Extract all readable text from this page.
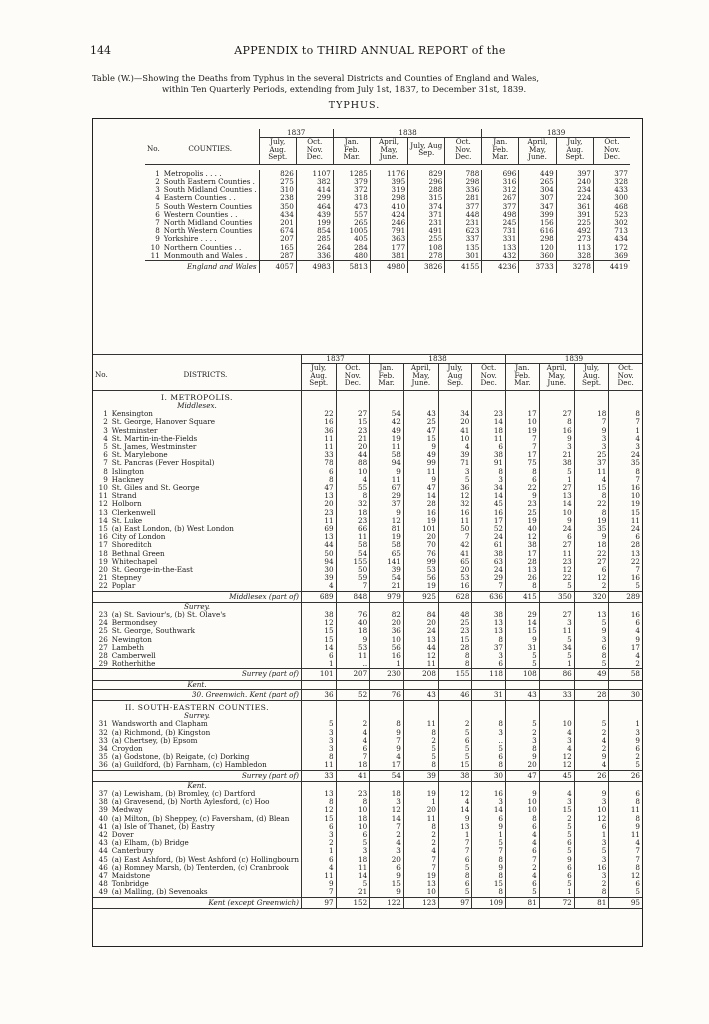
144	APPENDIX to THIRD ANNUAL REPORT of the
Table (W.)—Showing the Deaths from Typhus in the several Districts and Counties of England and Wales,
within Ten Quarterly Periods, extending from July 1st, 1837, to December 31st, 1839.
TYPHUS.
		1837		1838				1839			
No.	COUNTIES.	July, Aug. Sept.	Oct. Nov. Dec.	Jan. Feb. Mar.	April, May, June.	July, Aug Sep.	Oct. Nov. Dec.	Jan. Feb. Mar.	April, May, June.	July, Aug. Sept.	Oct. Nov. Dec.

1	Metropolis . . . .	826	1107	1285	1176	829	788	696	449	397	377
2	South Eastern Counties .	275	382	379	395	296	298	316	265	240	328
3	South Midland Counties .	310	414	372	319	288	336	312	304	234	433
4	Eastern Counties . .	238	299	318	298	315	281	267	307	224	300
5	South Western Counties	350	464	473	410	374	377	377	347	361	468
6	Western Counties . .	434	439	557	424	371	448	498	399	391	523
7	North Midland Counties	201	199	265	246	231	231	245	156	225	302
8	North Western Counties	674	854	1005	791	491	623	731	616	492	713
9	Yorkshire . . . .	207	285	405	363	255	337	331	298	273	434
10	Northern Counties . .	165	264	284	177	108	135	133	120	113	172
11	Monmouth and Wales .	287	336	480	381	278	301	432	360	328	369
	England and Wales	4057	4983	5813	4980	3826	4155	4236	3733	3278	4419
		1837		1838				1839			
No.	DISTRICTS.	July, Aug. Sept.	Oct. Nov. Dec.	Jan. Feb. Mar.	April, May, June.	July, Aug Sep.	Oct. Nov. Dec.	Jan. Feb. Mar.	April, May, June.	July, Aug. Sept.	Oct. Nov. Dec.
I. METROPOLIS.											
Middlesex.											
1	Kensington	22	27	54	43	34	23	17	27	18	8
2	St. George, Hanover Square	16	15	42	25	20	14	10	8	7	7
3	Westminster	36	23	49	47	41	18	19	16	9	1
4	St. Martin-in-the-Fields	11	21	19	15	10	11	7	9	3	4
5	St. James, Westminster	11	20	11	9	4	6	7	3	3	3
6	St. Marylebone	33	44	58	49	39	38	17	21	25	24
7	St. Pancras (Fever Hospital)	78	88	94	99	71	91	75	38	37	35
8	Islington	6	10	9	11	3	8	8	5	11	8
9	Hackney	8	4	11	9	5	3	6	1	4	7
10	St. Giles and St. George	47	55	67	47	36	34	22	27	15	16
11	Strand	13	8	29	14	12	14	9	13	8	10
12	Holborn	20	32	37	28	32	45	23	14	22	19
13	Clerkenwell	23	18	9	16	16	16	25	10	8	15
14	St. Luke	11	23	12	19	11	17	19	9	19	11
15	(a) East London, (b) West London	69	66	81	101	50	52	40	24	35	24
16	City of London	13	11	19	20	7	24	12	6	9	6
17	Shoreditch	44	58	58	70	42	61	38	27	18	28
18	Bethnal Green	50	54	65	76	41	38	17	11	22	13
19	Whitechapel	94	155	141	99	65	63	28	23	27	22
20	St. George-in-the-East	30	50	39	53	20	24	13	12	6	7
21	Stepney	39	59	54	56	53	29	26	22	12	16
22	Poplar	4	7	21	19	16	7	8	5	2	5
	Middlesex (part of)	689	848	979	925	628	636	415	350	320	289
Surrey.											
23	(a) St. Saviour's, (b) St. Olave's	38	76	82	84	48	38	29	27	13	16
24	Bermondsey	12	40	20	20	25	13	14	3	5	6
25	St. George, Southwark	15	18	36	24	23	13	15	11	9	4
26	Newington	15	9	10	13	15	8	9	5	3	9
27	Lambeth	14	53	56	44	28	37	31	34	6	17
28	Camberwell	6	11	16	12	8	3	5	5	8	4
29	Rotherhithe	1	..	1	11	8	6	5	1	5	2
	Surrey (part of)	101	207	230	208	155	118	108	86	49	58
Kent.											
	30. Greenwich. Kent (part of)	36	52	76	43	46	31	43	33	28	30
II. SOUTH-EASTERN COUNTIES.											
Surrey.											
31	Wandsworth and Clapham	5	2	8	11	2	8	5	10	5	1
32	(a) Richmond, (b) Kingston	3	4	9	8	5	3	2	4	2	3
33	(a) Chertsey, (b) Epsom	3	4	7	2	6	..	3	3	4	9
34	Croydon	3	6	9	5	5	5	8	4	2	6
35	(a) Godstone, (b) Reigate, (c) Dorking	8	7	4	5	5	6	9	12	9	2
36	(a) Guildford, (b) Farnham, (c) Hambledon	11	18	17	8	15	8	20	12	4	5
	Surrey (part of)	33	41	54	39	38	30	47	45	26	26
Kent.											
37	(a) Lewisham, (b) Bromley, (c) Dartford	13	23	18	19	12	16	9	4	9	6
38	(a) Gravesend, (b) North Aylesford, (c) Hoo	8	8	3	1	4	3	10	3	3	8
39	Medway	12	10	12	20	14	14	10	15	10	11
40	(a) Milton, (b) Sheppey, (c) Faversham, (d) Blean	15	18	14	11	9	6	8	2	12	8
41	(a) Isle of Thanet, (b) Eastry	6	10	7	8	13	9	6	5	6	9
42	Dover	3	6	2	2	1	1	4	5	1	11
43	(a) Elham, (b) Bridge	2	5	4	2	7	5	4	6	3	4
44	Canterbury	1	3	3	4	7	7	6	5	5	7
45	(a) East Ashford, (b) West Ashford (c) Hollingbourn	6	18	20	7	6	8	7	9	3	7
46	(a) Romney Marsh, (b) Tenterden, (c) Cranbrook	4	11	6	7	5	9	2	6	16	8
47	Maidstone	11	14	9	19	8	8	4	6	3	12
48	Tonbridge	9	5	15	13	6	15	6	5	2	6
49	(a) Malling, (b) Sevenoaks	7	21	9	10	5	8	5	1	8	5
	Kent (except Greenwich)	97	152	122	123	97	109	81	72	81	95
